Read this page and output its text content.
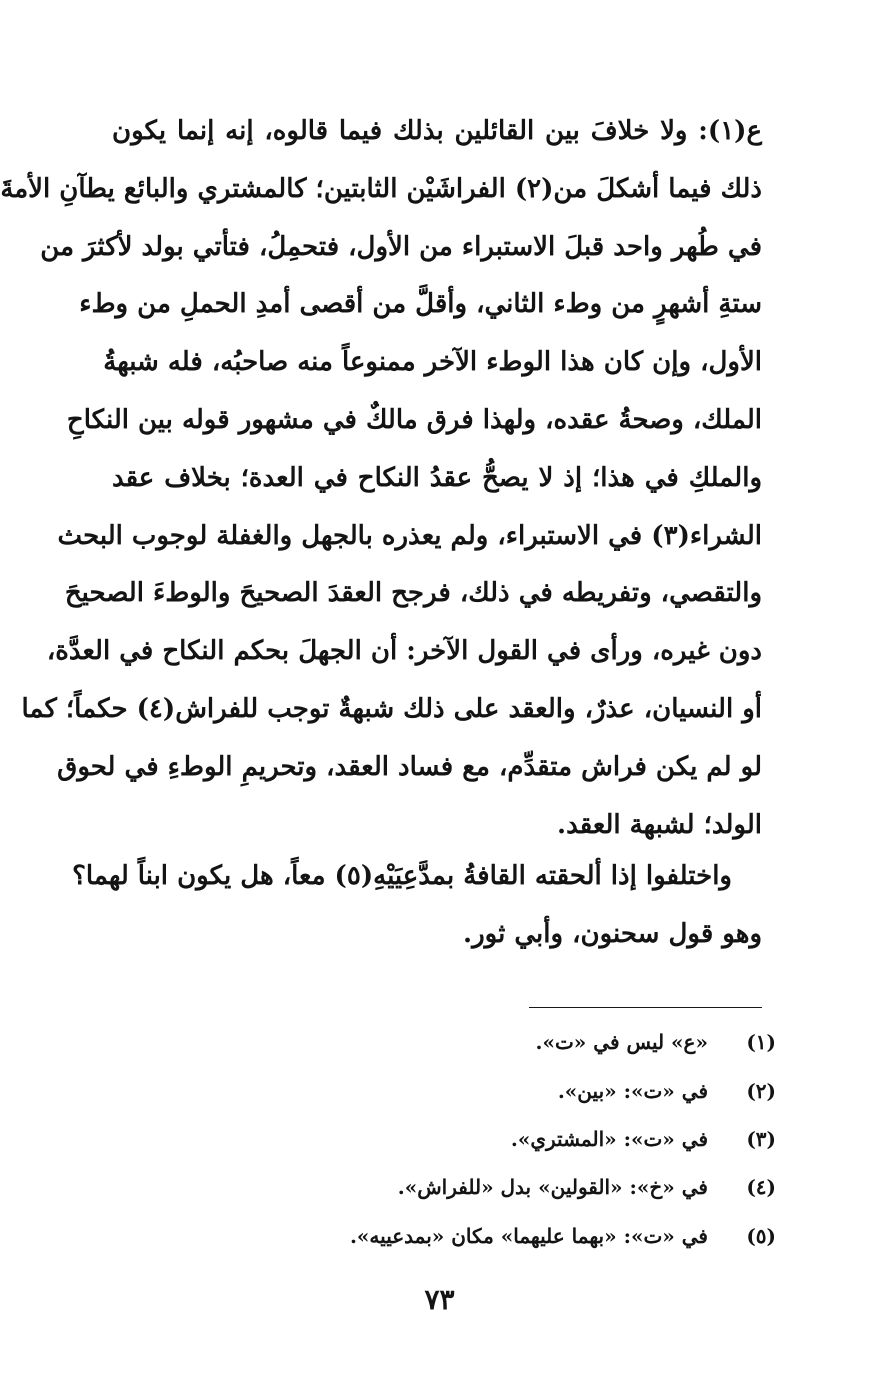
ع(١): ولا خلافَ بين القائلين بذلك فيما قالوه، إنه إنما يكون
ذلك فيما أشكلَ من(٢) الفراشَيْن الثابتين؛ كالمشتري والبائع يطآنِ الأمةَ
في طُهر واحد قبلَ الاستبراء من الأول، فتحمِلُ، فتأتي بولد لأكثرَ من
ستةِ أشهرٍ من وطء الثاني، وأقلَّ من أقصى أمدِ الحملِ من وطء
الأول، وإن كان هذا الوطء الآخر ممنوعاً منه صاحبُه، فله شبهةُ
الملك، وصحةُ عقده، ولهذا فرق مالكٌ في مشهور قوله بين النكاحِ
والملكِ في هذا؛ إذ لا يصحُّ عقدُ النكاح في العدة؛ بخلاف عقد
الشراء(٣) في الاستبراء، ولم يعذره بالجهل والغفلة لوجوب البحث
والتقصي، وتفريطه في ذلك، فرجح العقدَ الصحيحَ والوطءَ الصحيحَ
دون غيره، ورأى في القول الآخر: أن الجهلَ بحكم النكاح في العدَّة،
أو النسيان، عذرٌ، والعقد على ذلك شبهةٌ توجب للفراش(٤) حكماً؛ كما
لو لم يكن فراش متقدِّم، مع فساد العقد، وتحريمِ الوطءِ في لحوق
الولد؛ لشبهة العقد.
واختلفوا إذا ألحقته القافةُ بمدَّعِيَيْهِ(٥) معاً، هل يكون ابناً لهما؟
وهو قول سحنون، وأبي ثور.
(١)
«ع» ليس في «ت».
(٢)
في «ت»: «بين».
(٣)
في «ت»: «المشتري».
(٤)
في «خ»: «القولين» بدل «للفراش».
(٥)
في «ت»: «بهما عليهما» مكان «بمدعييه».
٧٣
